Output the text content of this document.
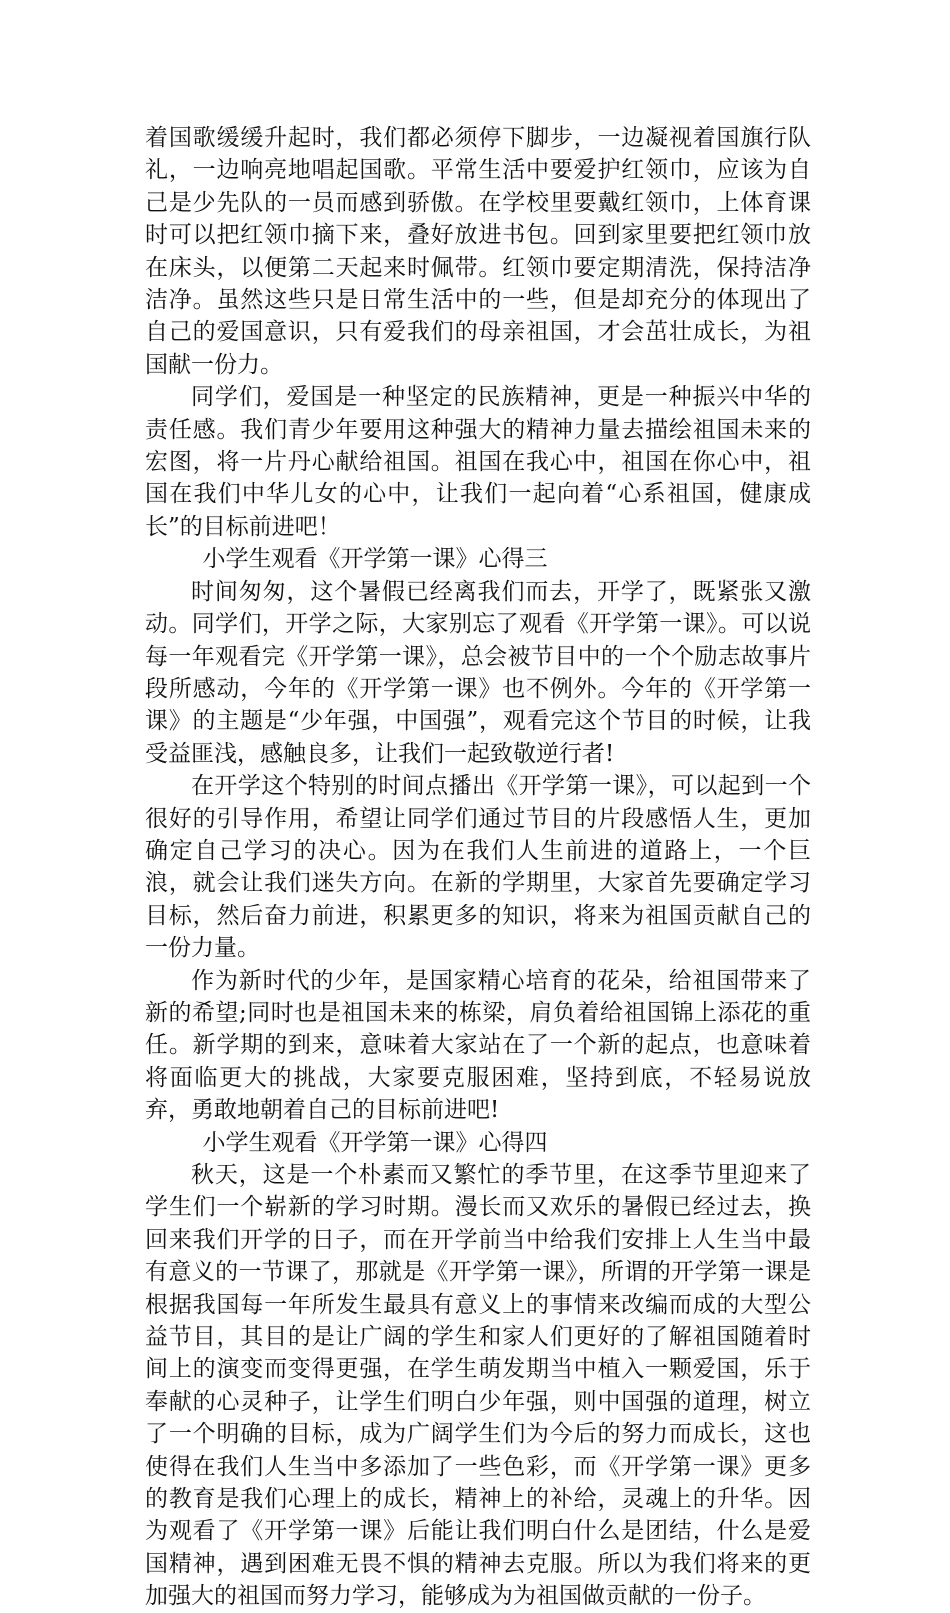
着国歌缓缓升起时，我们都必须停下脚步，一边凝视着国旗行队礼，一边响亮地唱起国歌。平常生活中要爱护红领巾，应该为自己是少先队的一员而感到骄傲。在学校里要戴红领巾，上体育课时可以把红领巾摘下来，叠好放进书包。回到家里要把红领巾放在床头，以便第二天起来时佩带。红领巾要定期清洗，保持洁净洁净。虽然这些只是日常生活中的一些，但是却充分的体现出了自己的爱国意识，只有爱我们的母亲祖国，才会茁壮成长，为祖国献一份力。

同学们，爱国是一种坚定的民族精神，更是一种振兴中华的责任感。我们青少年要用这种强大的精神力量去描绘祖国未来的宏图，将一片丹心献给祖国。祖国在我心中，祖国在你心中，祖国在我们中华儿女的心中，让我们一起向着“心系祖国，健康成长”的目标前进吧！

小学生观看《开学第一课》心得三

时间匆匆，这个暑假已经离我们而去，开学了，既紧张又激动。同学们，开学之际，大家别忘了观看《开学第一课》。可以说每一年观看完《开学第一课》，总会被节目中的一个个励志故事片段所感动，今年的《开学第一课》也不例外。今年的《开学第一课》的主题是“少年强，中国强”，观看完这个节目的时候，让我受益匪浅，感触良多，让我们一起致敬逆行者!

在开学这个特别的时间点播出《开学第一课》，可以起到一个很好的引导作用，希望让同学们通过节目的片段感悟人生，更加确定自己学习的决心。因为在我们人生前进的道路上，一个巨浪，就会让我们迷失方向。在新的学期里，大家首先要确定学习目标，然后奋力前进，积累更多的知识，将来为祖国贡献自己的一份力量。

作为新时代的少年，是国家精心培育的花朵，给祖国带来了新的希望;同时也是祖国未来的栋梁，肩负着给祖国锦上添花的重任。新学期的到来，意味着大家站在了一个新的起点，也意味着将面临更大的挑战，大家要克服困难，坚持到底，不轻易说放弃，勇敢地朝着自己的目标前进吧!

小学生观看《开学第一课》心得四

秋天，这是一个朴素而又繁忙的季节里，在这季节里迎来了学生们一个崭新的学习时期。漫长而又欢乐的暑假已经过去，换回来我们开学的日子，而在开学前当中给我们安排上人生当中最有意义的一节课了，那就是《开学第一课》，所谓的开学第一课是根据我国每一年所发生最具有意义上的事情来改编而成的大型公益节目，其目的是让广阔的学生和家人们更好的了解祖国随着时间上的演变而变得更强，在学生萌发期当中植入一颗爱国，乐于奉献的心灵种子，让学生们明白少年强，则中国强的道理，树立了一个明确的目标，成为广阔学生们为今后的努力而成长，这也使得在我们人生当中多添加了一些色彩，而《开学第一课》更多的教育是我们心理上的成长，精神上的补给，灵魂上的升华。因为观看了《开学第一课》后能让我们明白什么是团结，什么是爱国精神，遇到困难无畏不惧的精神去克服。所以为我们将来的更加强大的祖国而努力学习，能够成为为祖国做贡献的一份子。
